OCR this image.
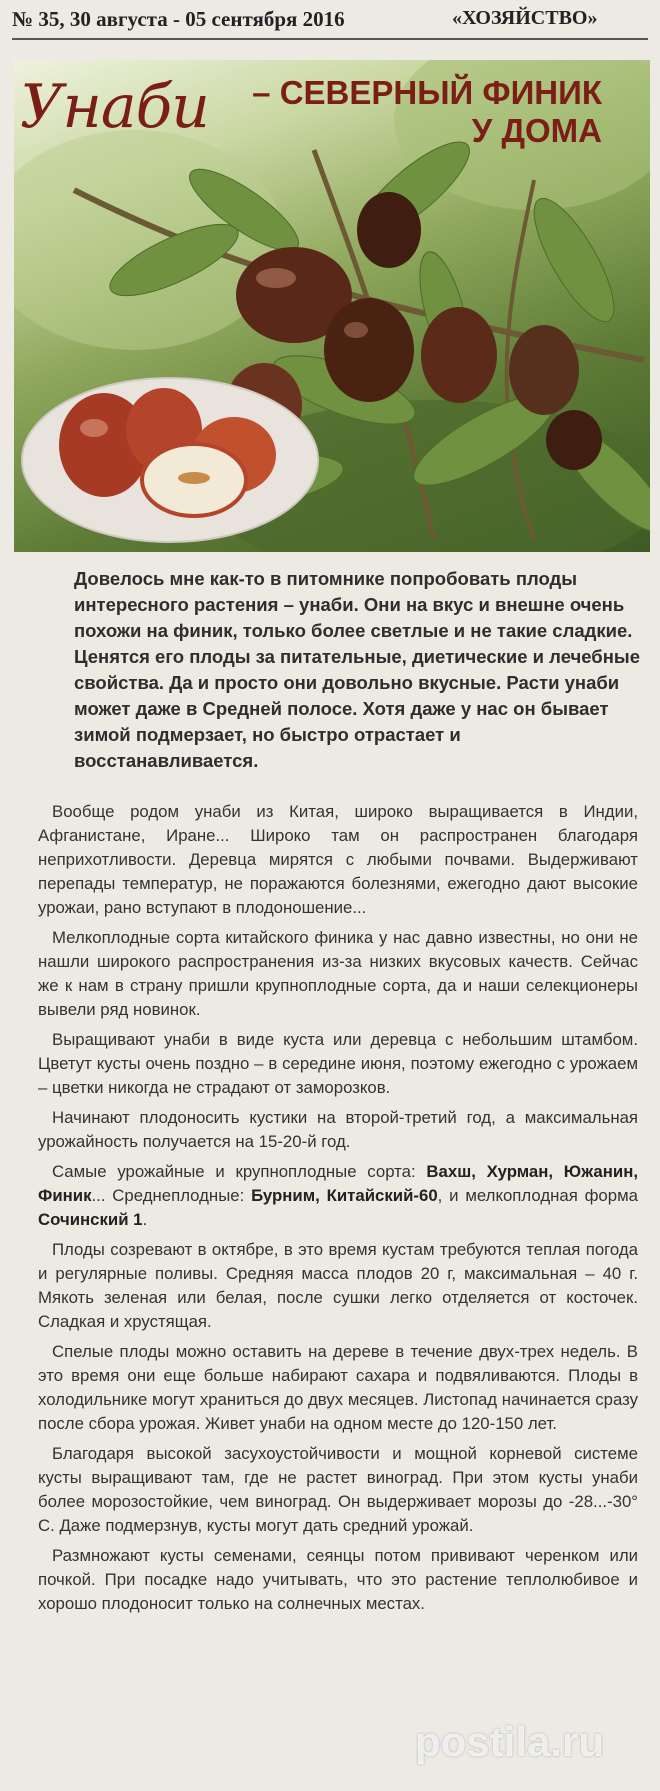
№ 35, 30 августа - 05 сентября 2016	«ХОЗЯЙСТВО»
Унаби – СЕВЕРНЫЙ ФИНИК
У ДОМА

Довелось мне как-то в питомнике попробовать плоды интересного растения – унаби. Они на вкус и внешне очень похожи на финик, только более светлые и не такие сладкие. Ценятся его плоды за питательные, диетические и лечебные свойства. Да и просто они довольно вкусные. Расти унаби может даже в Средней полосе. Хотя даже у нас он бывает зимой подмерзает, но быстро отрастает и восстанавливается.

Вообще родом унаби из Китая, широко выращивается в Индии, Афганистане, Иране... Широко там он распространен благодаря неприхотливости. Деревца мирятся с любыми почвами. Выдерживают перепады температур, не поражаются болезнями, ежегодно дают высокие урожаи, рано вступают в плодоношение...

Мелкоплодные сорта китайского финика у нас давно известны, но они не нашли широкого распространения из-за низких вкусовых качеств. Сейчас же к нам в страну пришли крупноплодные сорта, да и наши селекционеры вывели ряд новинок.

Выращивают унаби в виде куста или деревца с небольшим штамбом. Цветут кусты очень поздно – в середине июня, поэтому ежегодно с урожаем – цветки никогда не страдают от заморозков.

Начинают плодоносить кустики на второй-третий год, а максимальная урожайность получается на 15-20-й год.

Самые урожайные и крупноплодные сорта: Вахш, Хурман, Южанин, Финик... Среднеплодные: Бурним, Китайский-60, и мелкоплодная форма Сочинский 1.

Плоды созревают в октябре, в это время кустам требуются теплая погода и регулярные поливы. Средняя масса плодов 20 г, максимальная – 40 г. Мякоть зеленая или белая, после сушки легко отделяется от косточек. Сладкая и хрустящая.

Спелые плоды можно оставить на дереве в течение двух-трех недель. В это время они еще больше набирают сахара и подвяливаются. Плоды в холодильнике могут храниться до двух месяцев. Листопад начинается сразу после сбора урожая. Живет унаби на одном месте до 120-150 лет.

Благодаря высокой засухоустойчивости и мощной корневой системе кусты выращивают там, где не растет виноград. При этом кусты унаби более морозостойкие, чем виноград. Он выдерживает морозы до -28...-30° С. Даже подмерзнув, кусты могут дать средний урожай.

Размножают кусты семенами, сеянцы потом прививают черенком или почкой. При посадке надо учитывать, что это растение теплолюбивое и хорошо плодоносит только на солнечных местах.

postila.ru
